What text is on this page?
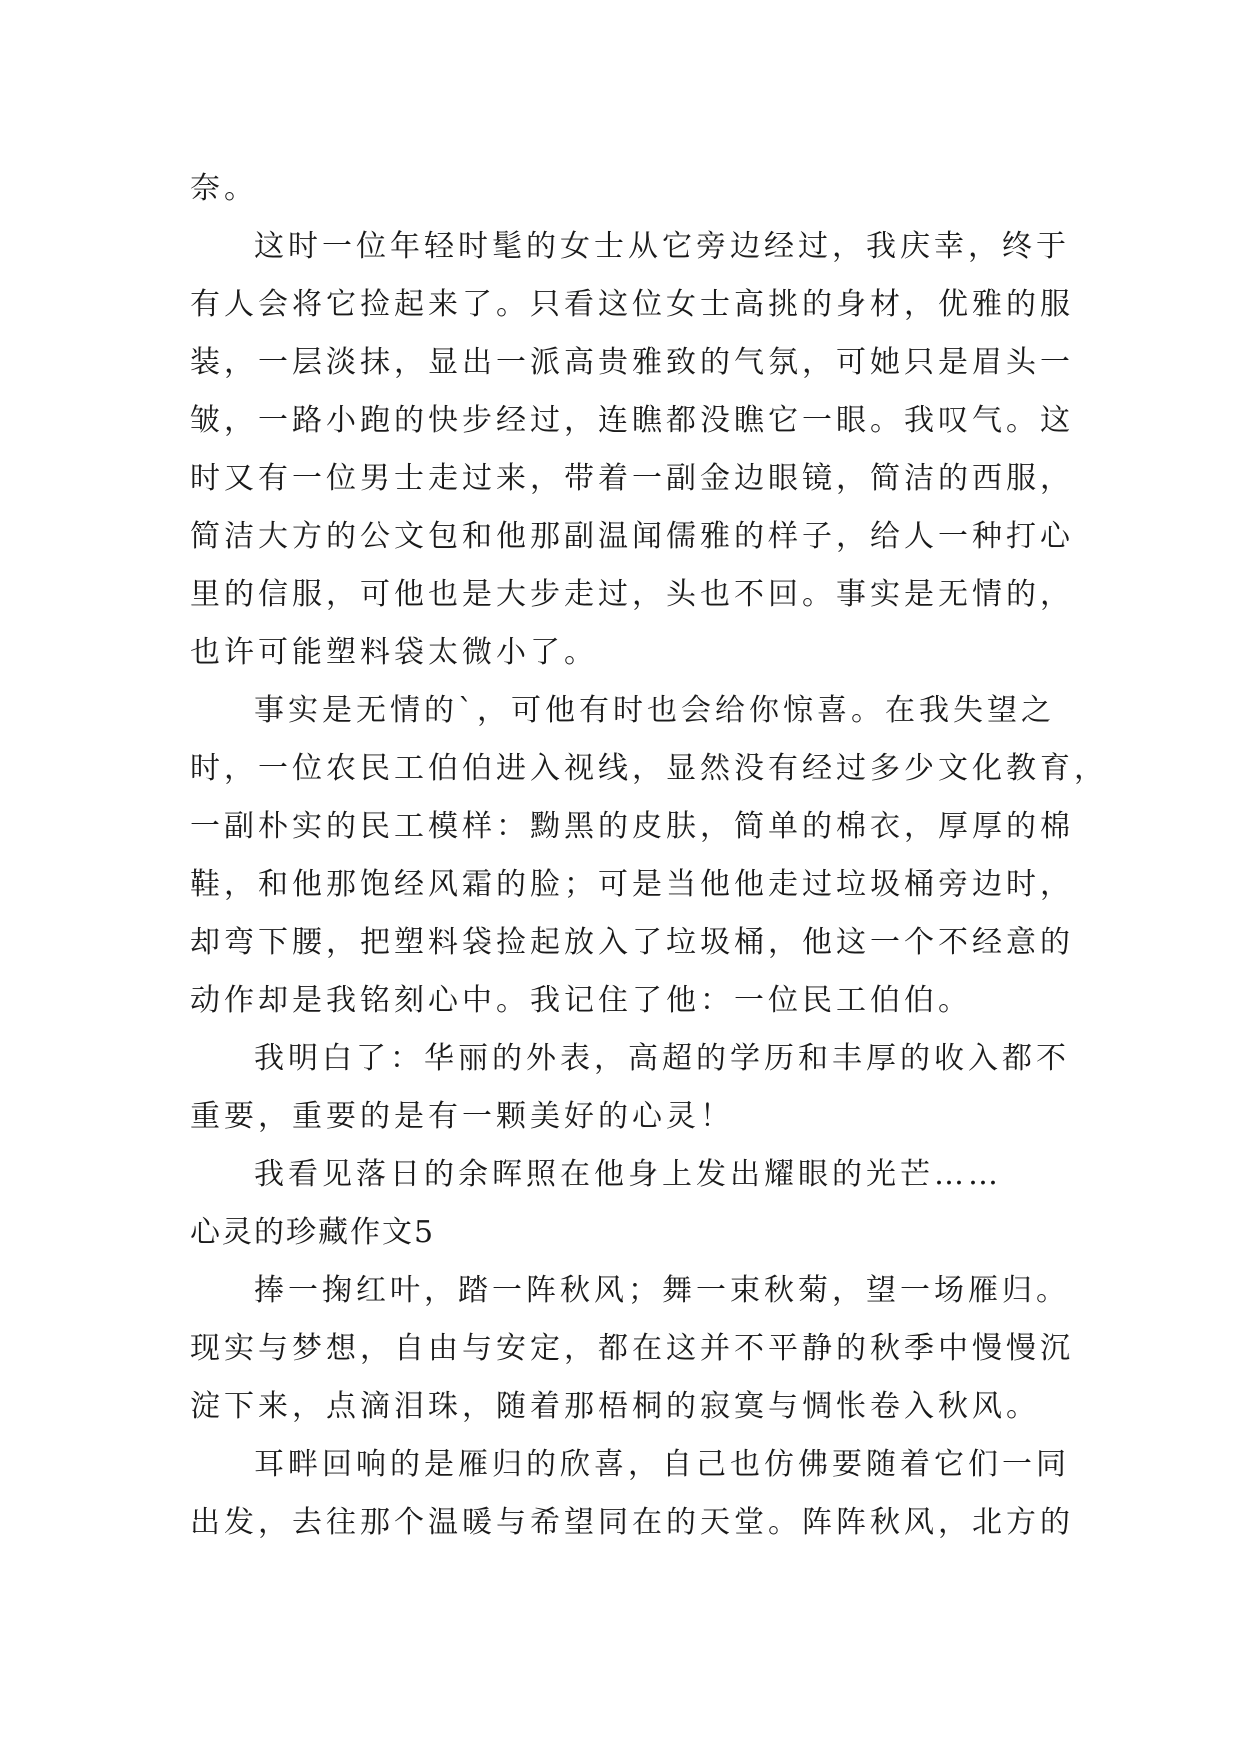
奈。
这时一位年轻时髦的女士从它旁边经过，我庆幸，终于
有人会将它捡起来了。只看这位女士高挑的身材，优雅的服
装，一层淡抹，显出一派高贵雅致的气氛，可她只是眉头一
皱，一路小跑的快步经过，连瞧都没瞧它一眼。我叹气。这
时又有一位男士走过来，带着一副金边眼镜，简洁的西服，
简洁大方的公文包和他那副温闻儒雅的样子，给人一种打心
里的信服，可他也是大步走过，头也不回。事实是无情的，
也许可能塑料袋太微小了。
事实是无情的`，可他有时也会给你惊喜。在我失望之
时，一位农民工伯伯进入视线，显然没有经过多少文化教育，
一副朴实的民工模样：黝黑的皮肤，简单的棉衣，厚厚的棉
鞋，和他那饱经风霜的脸；可是当他他走过垃圾桶旁边时，
却弯下腰，把塑料袋捡起放入了垃圾桶，他这一个不经意的
动作却是我铭刻心中。我记住了他：一位民工伯伯。
我明白了：华丽的外表，高超的学历和丰厚的收入都不
重要，重要的是有一颗美好的心灵！
我看见落日的余晖照在他身上发出耀眼的光芒……
心灵的珍藏作文5
捧一掬红叶，踏一阵秋风；舞一束秋菊，望一场雁归。
现实与梦想，自由与安定，都在这并不平静的秋季中慢慢沉
淀下来，点滴泪珠，随着那梧桐的寂寞与惆怅卷入秋风。
耳畔回响的是雁归的欣喜，自己也仿佛要随着它们一同
出发，去往那个温暖与希望同在的天堂。阵阵秋风，北方的
